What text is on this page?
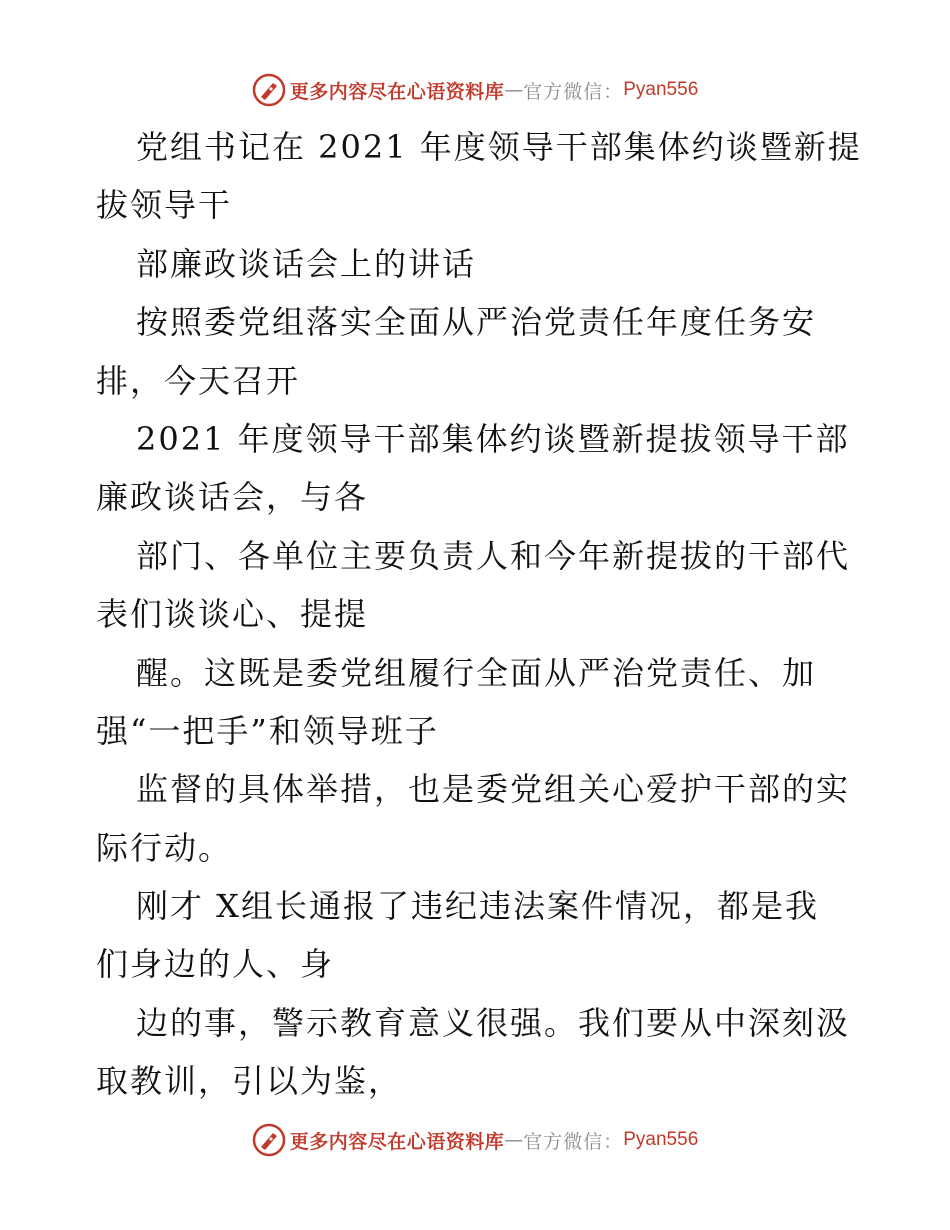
更多内容尽在心语资料库 — 官方微信： Pyan556

党组书记在 2021 年度领导干部集体约谈暨新提

拔领导干

部廉政谈话会上的讲话

按照委党组落实全面从严治党责任年度任务安

排，今天召开

2021 年度领导干部集体约谈暨新提拔领导干部

廉政谈话会，与各

部门、各单位主要负责人和今年新提拔的干部代

表们谈谈心、提提

醒。这既是委党组履行全面从严治党责任、加

强“一把手”和领导班子

监督的具体举措，也是委党组关心爱护干部的实

际行动。

刚才 X组长通报了违纪违法案件情况，都是我

们身边的人、身

边的事，警示教育意义很强。我们要从中深刻汲

取教训，引以为鉴，

更多内容尽在心语资料库 — 官方微信： Pyan556
